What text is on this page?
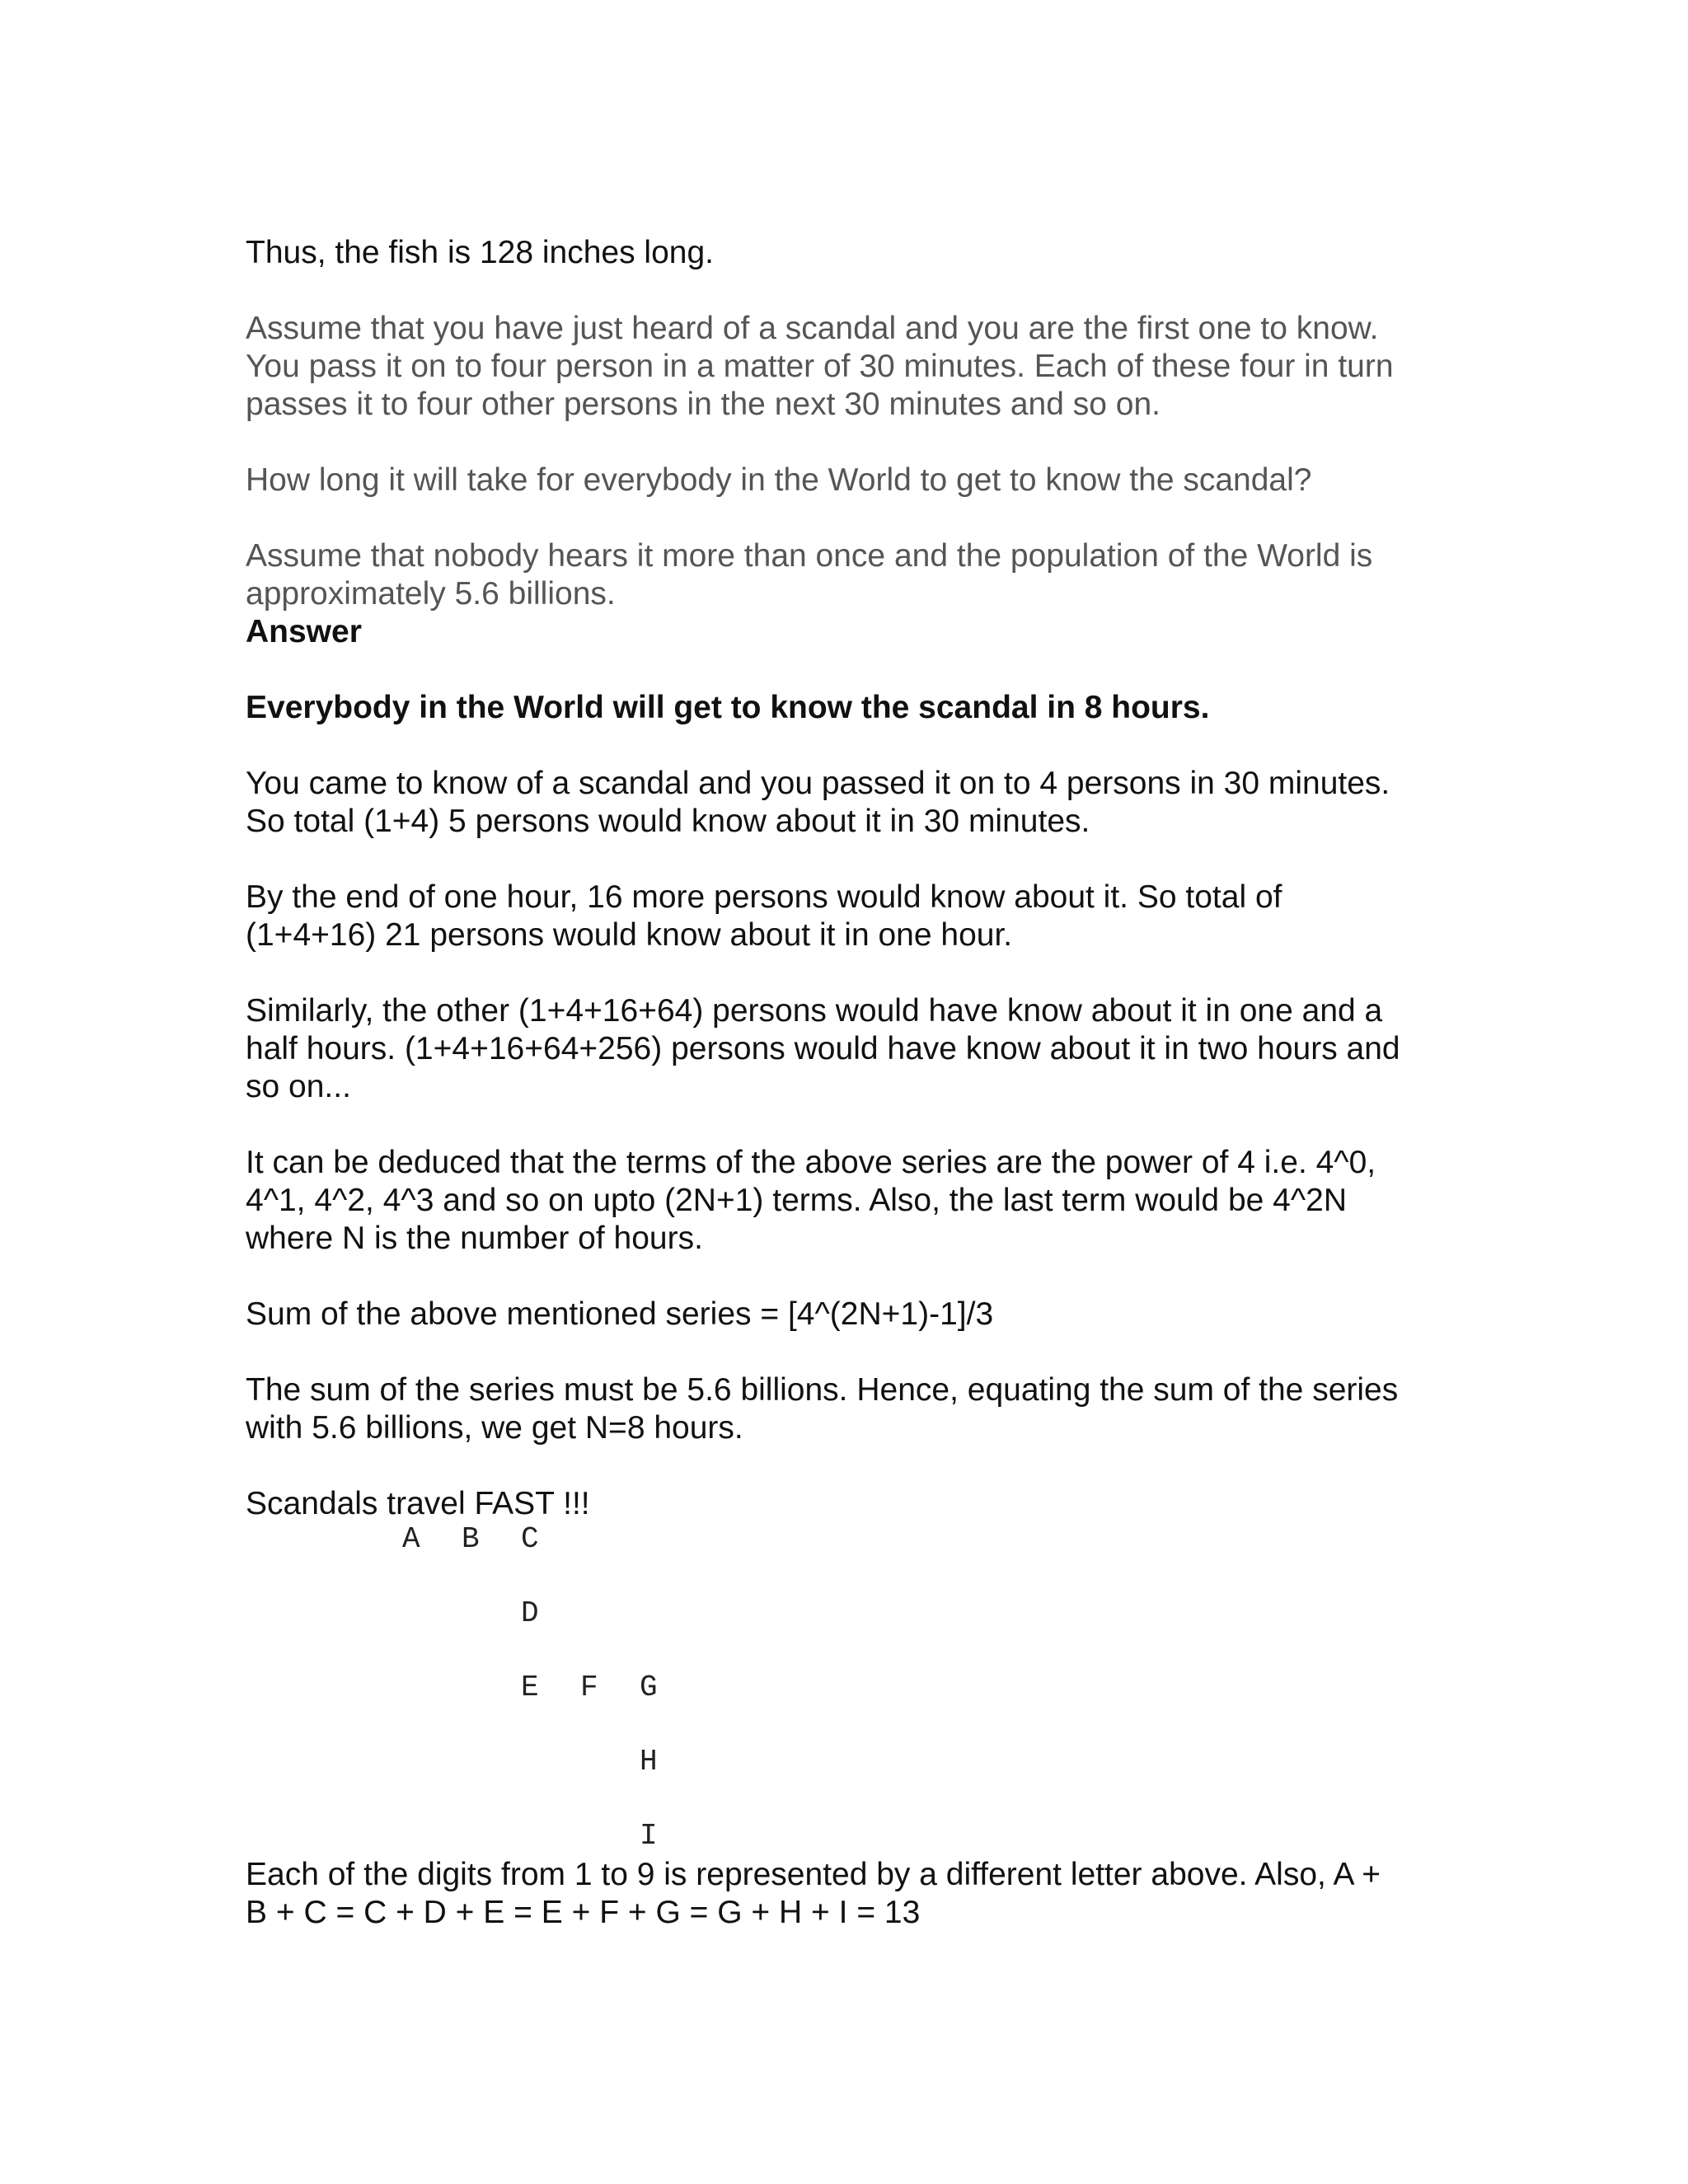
Thus, the fish is 128 inches long.
Assume that you have just heard of a scandal and you are the first one to know.
You pass it on to four person in a matter of 30 minutes. Each of these four in turn
passes it to four other persons in the next 30 minutes and so on.
How long it will take for everybody in the World to get to know the scandal?
Assume that nobody hears it more than once and the population of the World is
approximately 5.6 billions.
Answer
Everybody in the World will get to know the scandal in 8 hours.
You came to know of a scandal and you passed it on to 4 persons in 30 minutes.
So total (1+4) 5 persons would know about it in 30 minutes.
By the end of one hour, 16 more persons would know about it. So total of
(1+4+16) 21 persons would know about it in one hour.
Similarly, the other (1+4+16+64) persons would have know about it in one and a
half hours. (1+4+16+64+256) persons would have know about it in two hours and
so on...
It can be deduced that the terms of the above series are the power of 4 i.e. 4^0,
4^1, 4^2, 4^3 and so on upto (2N+1) terms. Also, the last term would be 4^2N
where N is the number of hours.
Sum of the above mentioned series = [4^(2N+1)-1]/3
The sum of the series must be 5.6 billions. Hence, equating the sum of the series
with 5.6 billions, we get N=8 hours.
Scandals travel FAST !!!
A B C
D
E F G
H
I
Each of the digits from 1 to 9 is represented by a different letter above. Also, A +
B + C = C + D + E = E + F + G = G + H + I = 13
